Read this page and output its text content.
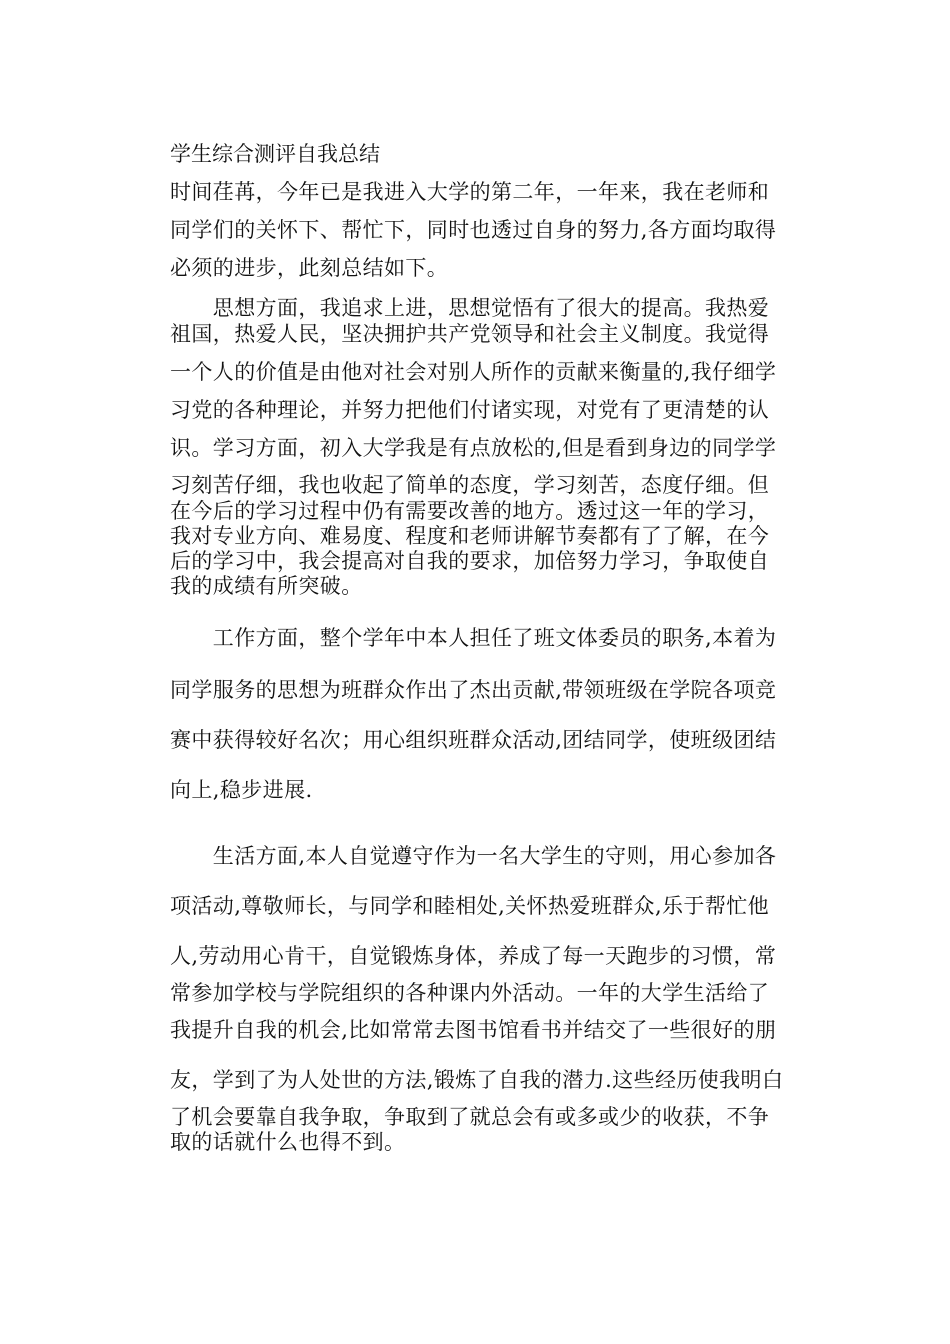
学生综合测评自我总结
时间荏苒，今年已是我进入大学的第二年，一年来，我在老师和
同学们的关怀下、帮忙下，同时也透过自身的努力,各方面均取得
必须的进步，此刻总结如下。
　　思想方面，我追求上进，思想觉悟有了很大的提高。我热爱
祖国，热爱人民，坚决拥护共产党领导和社会主义制度。我觉得
一个人的价值是由他对社会对别人所作的贡献来衡量的,我仔细学
习党的各种理论，并努力把他们付诸实现，对党有了更清楚的认
识。学习方面，初入大学我是有点放松的,但是看到身边的同学学
习刻苦仔细，我也收起了简单的态度，学习刻苦，态度仔细。但
在今后的学习过程中仍有需要改善的地方。透过这一年的学习，
我对专业方向、难易度、程度和老师讲解节奏都有了了解，在今
后的学习中，我会提高对自我的要求，加倍努力学习，争取使自
我的成绩有所突破。
　　工作方面，整个学年中本人担任了班文体委员的职务,本着为
同学服务的思想为班群众作出了杰出贡献,带领班级在学院各项竞
赛中获得较好名次；用心组织班群众活动,团结同学，使班级团结
向上,稳步进展.
　　生活方面,本人自觉遵守作为一名大学生的守则，用心参加各
项活动,尊敬师长，与同学和睦相处,关怀热爱班群众,乐于帮忙他
人,劳动用心肯干，自觉锻炼身体，养成了每一天跑步的习惯，常
常参加学校与学院组织的各种课内外活动。一年的大学生活给了
我提升自我的机会,比如常常去图书馆看书并结交了一些很好的朋
友，学到了为人处世的方法,锻炼了自我的潜力.这些经历使我明白
了机会要靠自我争取，争取到了就总会有或多或少的收获，不争
取的话就什么也得不到。
